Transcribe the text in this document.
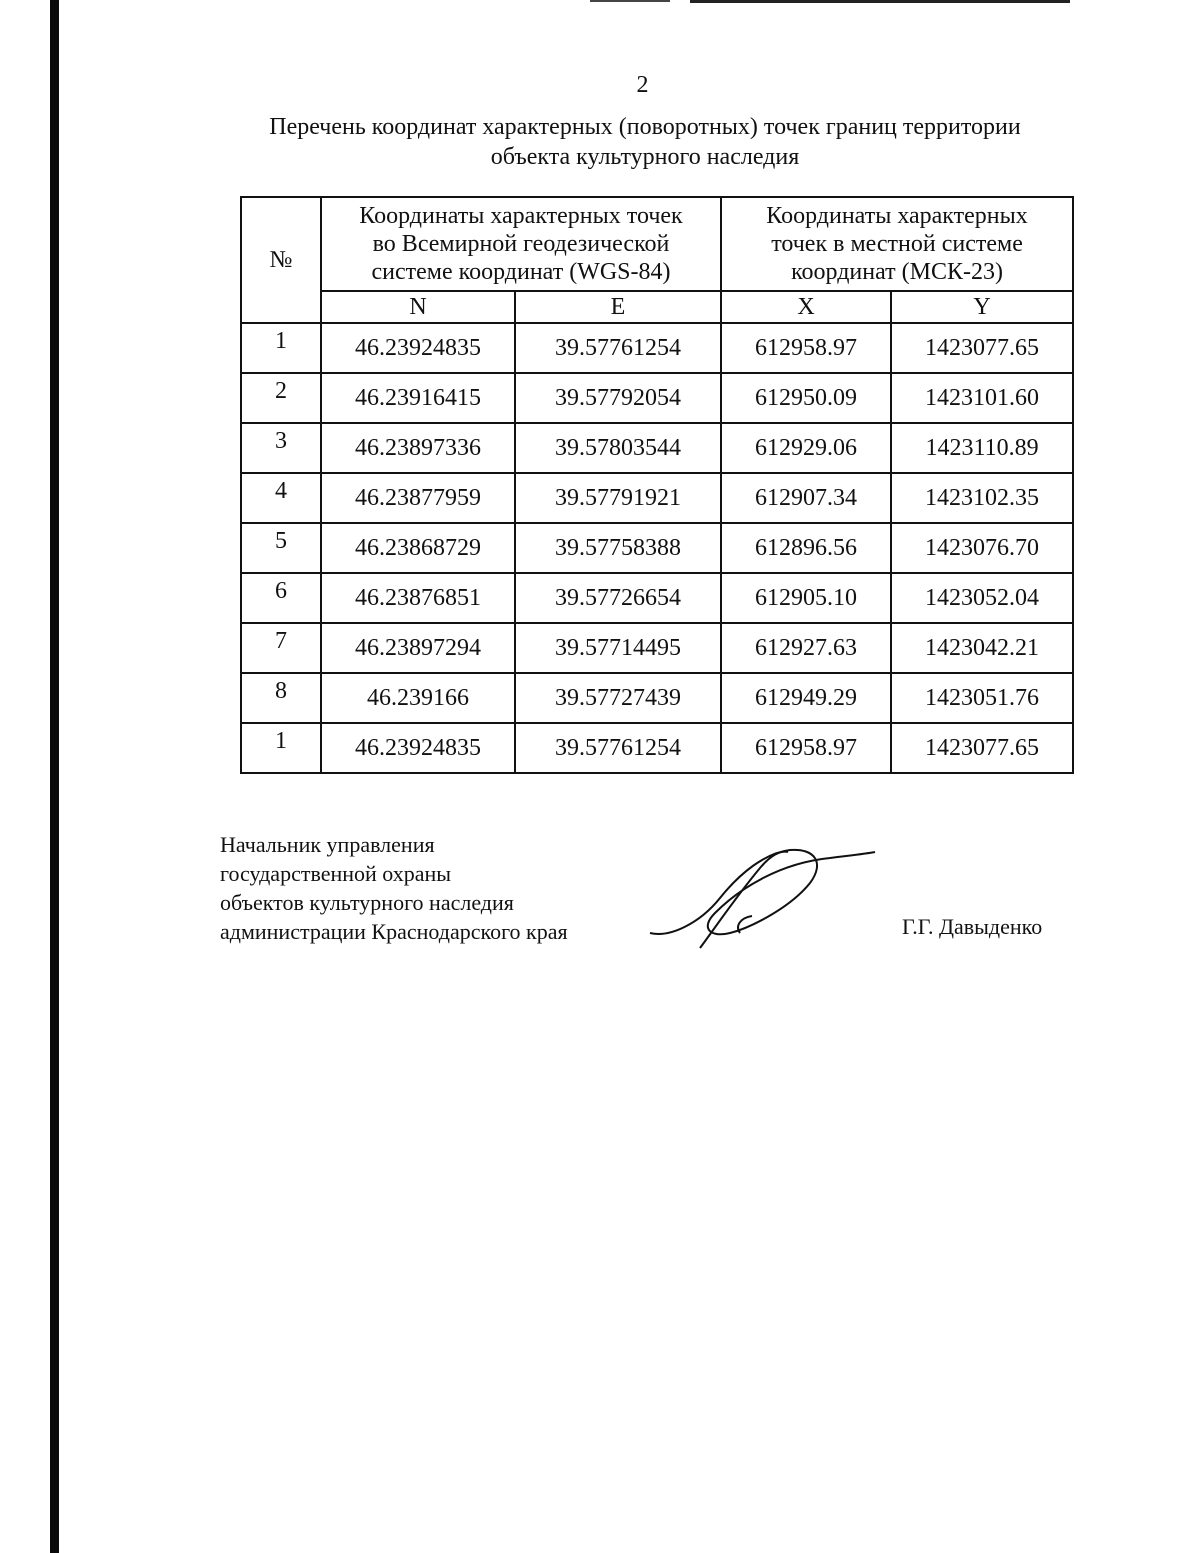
2
Перечень координат характерных (поворотных) точек границ территории
объекта культурного наследия
№	Координаты характерных точек
во Всемирной геодезической
системе координат (WGS-84)		Координаты характерных
точек в местной системе
координат (МСК-23)	

	N	E	X	Y
1	46.23924835	39.57761254	612958.97	1423077.65
2	46.23916415	39.57792054	612950.09	1423101.60
3	46.23897336	39.57803544	612929.06	1423110.89
4	46.23877959	39.57791921	612907.34	1423102.35
5	46.23868729	39.57758388	612896.56	1423076.70
6	46.23876851	39.57726654	612905.10	1423052.04
7	46.23897294	39.57714495	612927.63	1423042.21
8	46.239166	39.57727439	612949.29	1423051.76
1	46.23924835	39.57761254	612958.97	1423077.65
Начальник управления
государственной охраны
объектов культурного наследия
администрации Краснодарского края	Г.Г. Давыденко
